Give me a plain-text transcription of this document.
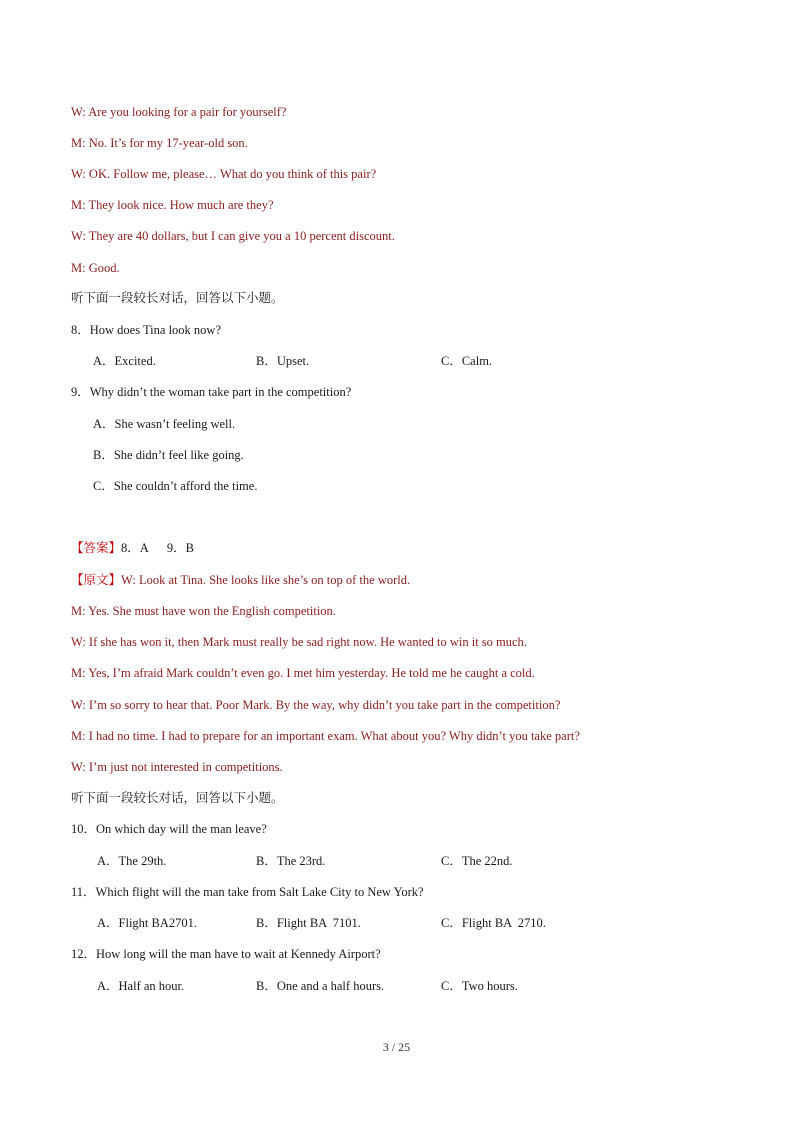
W: Are you looking for a pair for yourself?
M: No. It’s for my 17-year-old son.
W: OK. Follow me, please… What do you think of this pair?
M: They look nice. How much are they?
W: They are 40 dollars, but I can give you a 10 percent discount.
M: Good.
听下面一段较长对话，回答以下小题。
8．How does Tina look now?
A．Excited.	B．Upset.	C．Calm.
9．Why didn’t the woman take part in the competition?
A．She wasn’t feeling well.
B．She didn’t feel like going.
C．She couldn’t afford the time.
【答案】8．A      9．B
【原文】W: Look at Tina. She looks like she’s on top of the world.
M: Yes. She must have won the English competition.
W: If she has won it, then Mark must really be sad right now. He wanted to win it so much.
M: Yes, I’m afraid Mark couldn’t even go. I met him yesterday. He told me he caught a cold.
W: I’m so sorry to hear that. Poor Mark. By the way, why didn’t you take part in the competition?
M: I had no time. I had to prepare for an important exam. What about you? Why didn’t you take part?
W: I’m just not interested in competitions.
听下面一段较长对话，回答以下小题。
10．On which day will the man leave?
A．The 29th.	B．The 23rd.	C．The 22nd.
11．Which flight will the man take from Salt Lake City to New York?
A．Flight BA2701.	B．Flight BA  7101.	C．Flight BA  2710.
12．How long will the man have to wait at Kennedy Airport?
A．Half an hour.	B．One and a half hours.	C．Two hours.
3 / 25
